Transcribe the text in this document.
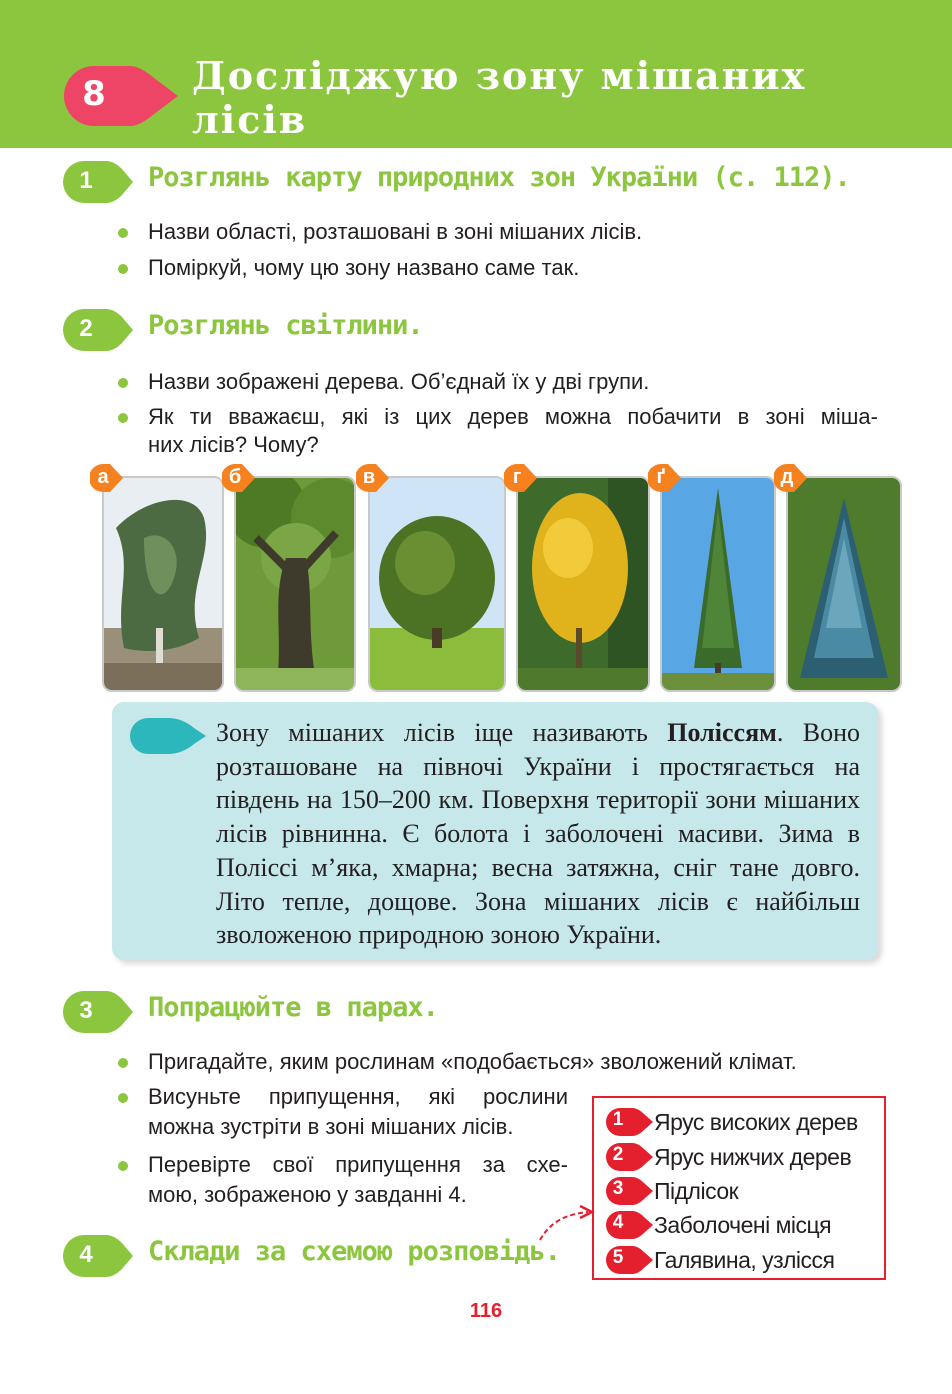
8	Досліджую зону мішаних
лісів
1	Розглянь карту природних зон України (с. 112).
Назви області, розташовані в зоні мішаних лісів.
Поміркуй, чому цю зону названо саме так.
2	Розглянь світлини.
Назви зображені дерева. Об’єднай їх у дві групи.
Як ти вважаєш, які із цих дерев можна побачити в зоні міша-
них лісів? Чому?
а	б	в	г	ґ	д
Зону мішаних лісів іще називають Поліссям. Воно розташоване на півночі України і простягається на південь на 150–200 км. Поверхня території зони мішаних лісів рівнинна. Є болота і заболочені масиви. Зима в Поліссі м’яка, хмарна; весна затяжна, сніг тане довго. Літо тепле, дощове. Зона мішаних лісів є найбільш зволоженою природною зоною України.
3	Попрацюйте в парах.
Пригадайте, яким рослинам «подобається» зволожений клімат.
Висуньте припущення, які рослини
можна зустріти в зоні мішаних лісів.
Перевірте свої припущення за схе-
мою, зображеною у завданні 4.
4	Склади за схемою розповідь.
1 Ярус високих дерев
2 Ярус нижчих дерев
3 Підлісок
4 Заболочені місця
5 Галявина, узлісся
116
